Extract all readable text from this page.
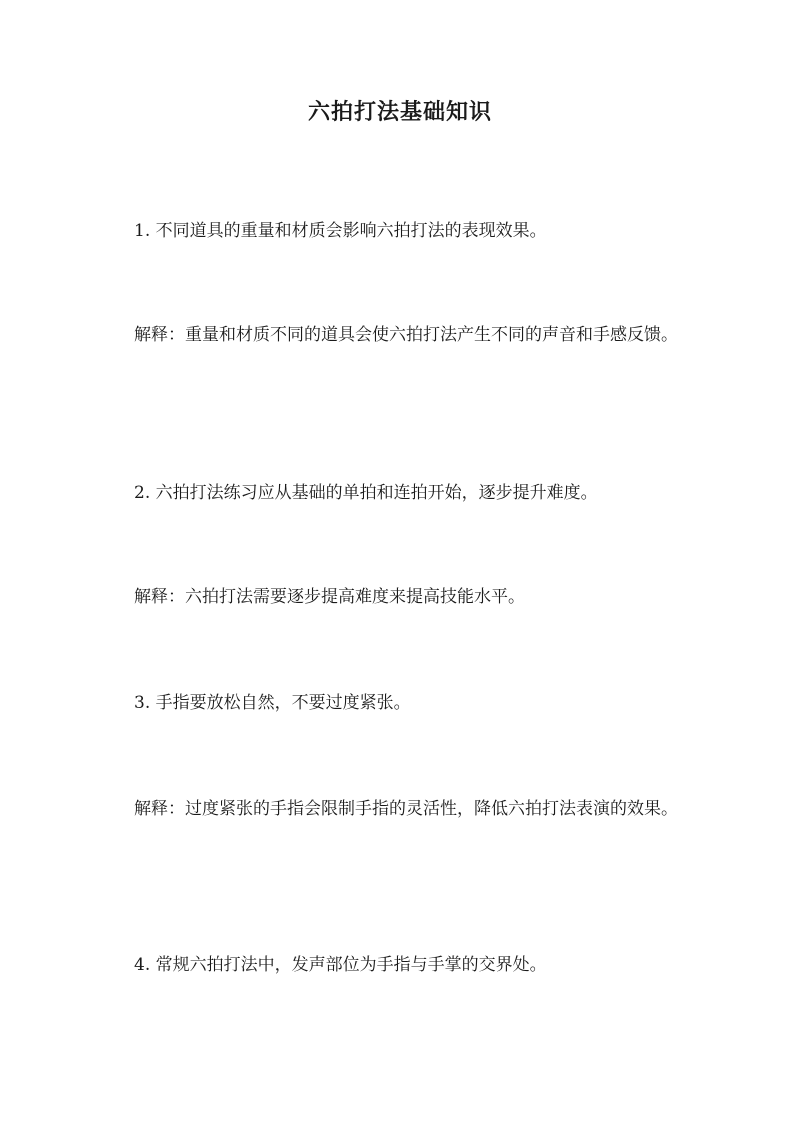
六拍打法基础知识

1. 不同道具的重量和材质会影响六拍打法的表现效果。

解释：重量和材质不同的道具会使六拍打法产生不同的声音和手感反馈。

2. 六拍打法练习应从基础的单拍和连拍开始，逐步提升难度。

解释：六拍打法需要逐步提高难度来提高技能水平。

3. 手指要放松自然，不要过度紧张。

解释：过度紧张的手指会限制手指的灵活性，降低六拍打法表演的效果。

4. 常规六拍打法中，发声部位为手指与手掌的交界处。
